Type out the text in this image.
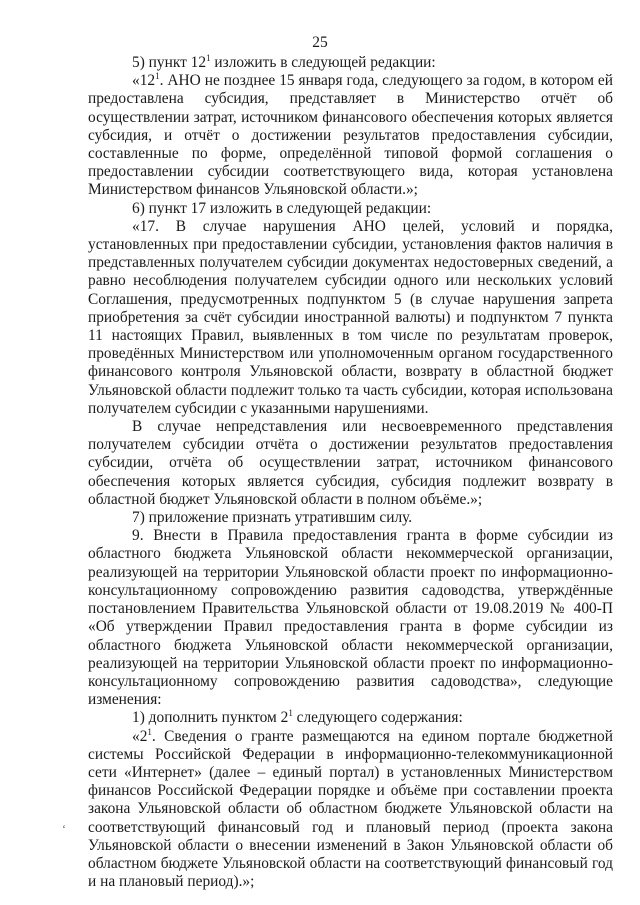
25

5) пункт $12^1$ изложить в следующей редакции:

«$12^1$. АНО не позднее 15 января года, следующего за годом, в котором ей предоставлена субсидия, представляет в Министерство отчёт об осуществлении затрат, источником финансового обеспечения которых является субсидия, и отчёт о достижении результатов предоставления субсидии, составленные по форме, определённой типовой формой соглашения о предоставлении субсидии соответствующего вида, которая установлена Министерством финансов Ульяновской области.»;

6) пункт 17 изложить в следующей редакции:

«17. В случае нарушения АНО целей, условий и порядка, установленных при предоставлении субсидии, установления фактов наличия в представленных получателем субсидии документах недостоверных сведений, а равно несоблюдения получателем субсидии одного или нескольких условий Соглашения, предусмотренных подпунктом 5 (в случае нарушения запрета приобретения за счёт субсидии иностранной валюты) и подпунктом 7 пункта 11 настоящих Правил, выявленных в том числе по результатам проверок, проведённых Министерством или уполномоченным органом государственного финансового контроля Ульяновской области, возврату в областной бюджет Ульяновской области подлежит только та часть субсидии, которая использована получателем субсидии с указанными нарушениями.

В случае непредставления или несвоевременного представления получателем субсидии отчёта о достижении результатов предоставления субсидии, отчёта об осуществлении затрат, источником финансового обеспечения которых является субсидия, субсидия подлежит возврату в областной бюджет Ульяновской области в полном объёме.»;

7) приложение признать утратившим силу.

9. Внести в Правила предоставления гранта в форме субсидии из областного бюджета Ульяновской области некоммерческой организации, реализующей на территории Ульяновской области проект по информационно-консультационному сопровождению развития садоводства, утверждённые постановлением Правительства Ульяновской области от 19.08.2019 № 400-П «Об утверждении Правил предоставления гранта в форме субсидии из областного бюджета Ульяновской области некоммерческой организации, реализующей на территории Ульяновской области проект по информационно-консультационному сопровождению развития садоводства», следующие изменения:

1) дополнить пунктом $2^1$ следующего содержания:

«$2^1$. Сведения о гранте размещаются на едином портале бюджетной системы Российской Федерации в информационно-телекоммуникационной сети «Интернет» (далее – единый портал) в установленных Министерством финансов Российской Федерации порядке и объёме при составлении проекта закона Ульяновской области об областном бюджете Ульяновской области на соответствующий финансовый год и плановый период (проекта закона Ульяновской области о внесении изменений в Закон Ульяновской области об областном бюджете Ульяновской области на соответствующий финансовый год и на плановый период).»;

‘
